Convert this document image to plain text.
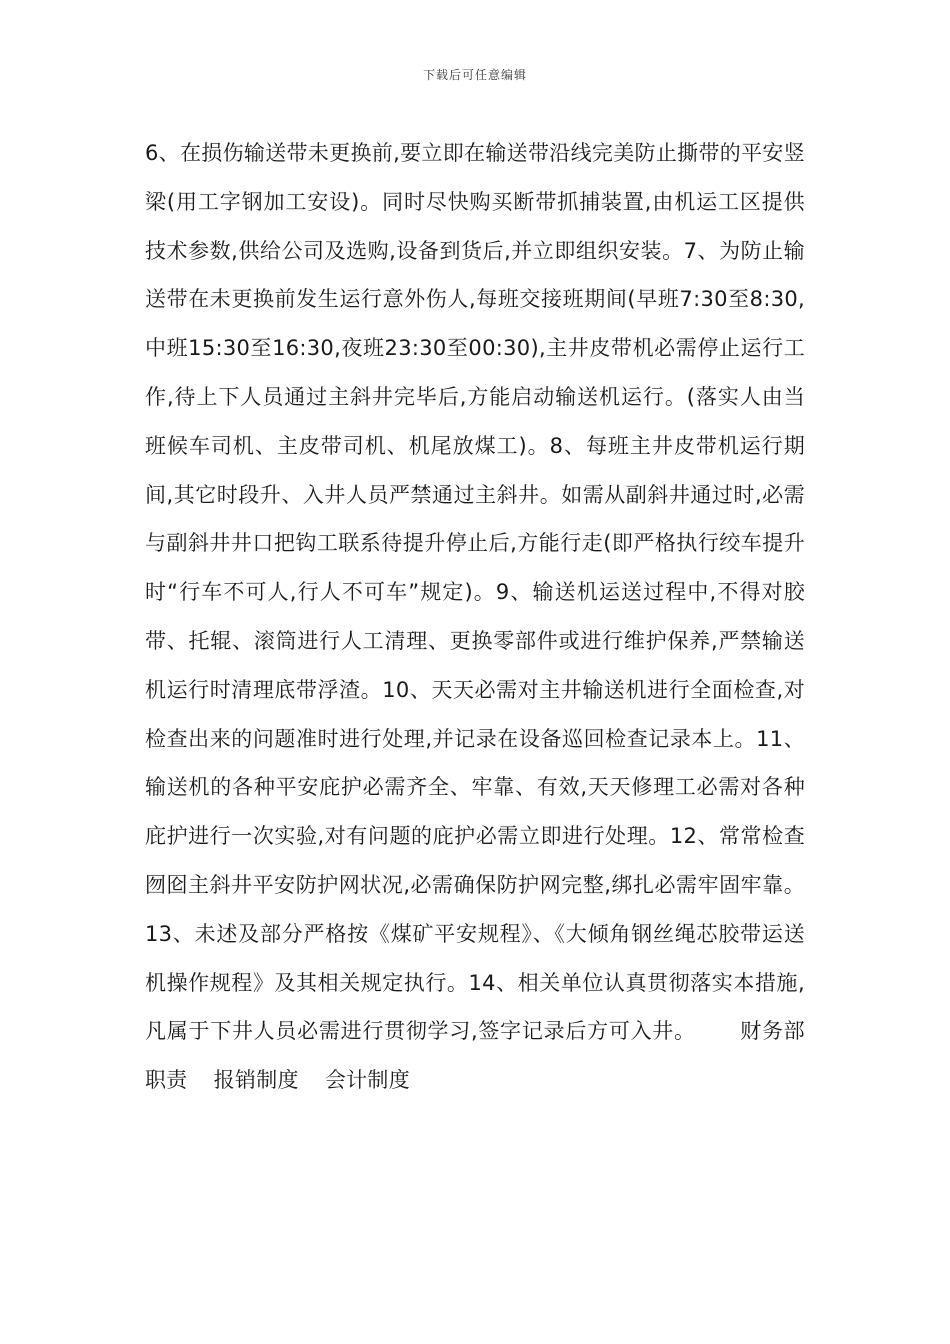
下载后可任意编辑
6、在损伤输送带未更换前,要立即在输送带沿线完美防止撕带的平安竖梁(用工字钢加工安设)。同时尽快购买断带抓捕装置,由机运工区提供技术参数,供给公司及选购,设备到货后,并立即组织安装。7、为防止输送带在未更换前发生运行意外伤人,每班交接班期间(早班7:30至8:30,中班15:30至16:30,夜班23:30至00:30),主井皮带机必需停止运行工作,待上下人员通过主斜井完毕后,方能启动输送机运行。(落实人由当班候车司机、主皮带司机、机尾放煤工)。8、每班主井皮带机运行期间,其它时段升、入井人员严禁通过主斜井。如需从副斜井通过时,必需与副斜井井口把钩工联系待提升停止后,方能行走(即严格执行绞车提升时“行车不可人,行人不可车”规定)。9、输送机运送过程中,不得对胶带、托辊、滚筒进行人工清理、更换零部件或进行维护保养,严禁输送机运行时清理底带浮渣。10、天天必需对主井输送机进行全面检查,对检查出来的问题准时进行处理,并记录在设备巡回检查记录本上。11、输送机的各种平安庇护必需齐全、牢靠、有效,天天修理工必需对各种庇护进行一次实验,对有问题的庇护必需立即进行处理。12、常常检查囫囵主斜井平安防护网状况,必需确保防护网完整,绑扎必需牢固牢靠。13、未述及部分严格按《煤矿平安规程》、《大倾角钢丝绳芯胶带运送机操作规程》及其相关规定执行。14、相关单位认真贯彻落实本措施,凡属于下井人员必需进行贯彻学习,签字记录后方可入井。 财务部职责 报销制度 会计制度
